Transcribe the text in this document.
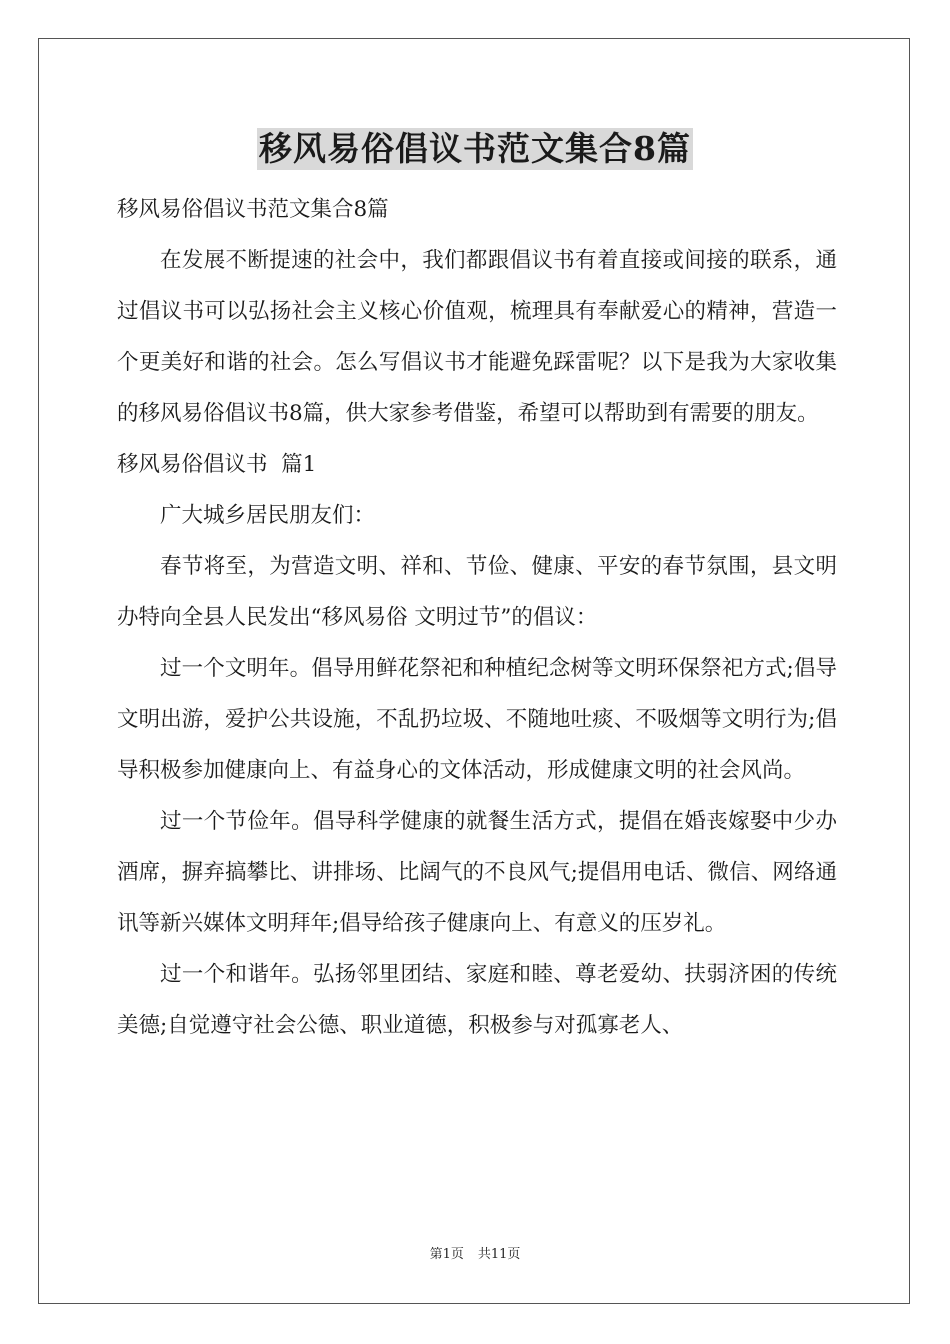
移风易俗倡议书范文集合8篇

移风易俗倡议书范文集合8篇

在发展不断提速的社会中，我们都跟倡议书有着直接或间接的联系，通过倡议书可以弘扬社会主义核心价值观，梳理具有奉献爱心的精神，营造一个更美好和谐的社会。怎么写倡议书才能避免踩雷呢？以下是我为大家收集的移风易俗倡议书8篇，供大家参考借鉴，希望可以帮助到有需要的朋友。

移风易俗倡议书  篇1

广大城乡居民朋友们：

春节将至，为营造文明、祥和、节俭、健康、平安的春节氛围，县文明办特向全县人民发出“移风易俗 文明过节”的倡议：

过一个文明年。倡导用鲜花祭祀和种植纪念树等文明环保祭祀方式;倡导文明出游，爱护公共设施，不乱扔垃圾、不随地吐痰、不吸烟等文明行为;倡导积极参加健康向上、有益身心的文体活动，形成健康文明的社会风尚。

过一个节俭年。倡导科学健康的就餐生活方式，提倡在婚丧嫁娶中少办酒席，摒弃搞攀比、讲排场、比阔气的不良风气;提倡用电话、微信、网络通讯等新兴媒体文明拜年;倡导给孩子健康向上、有意义的压岁礼。

过一个和谐年。弘扬邻里团结、家庭和睦、尊老爱幼、扶弱济困的传统美德;自觉遵守社会公德、职业道德，积极参与对孤寡老人、

第1页 共11页
